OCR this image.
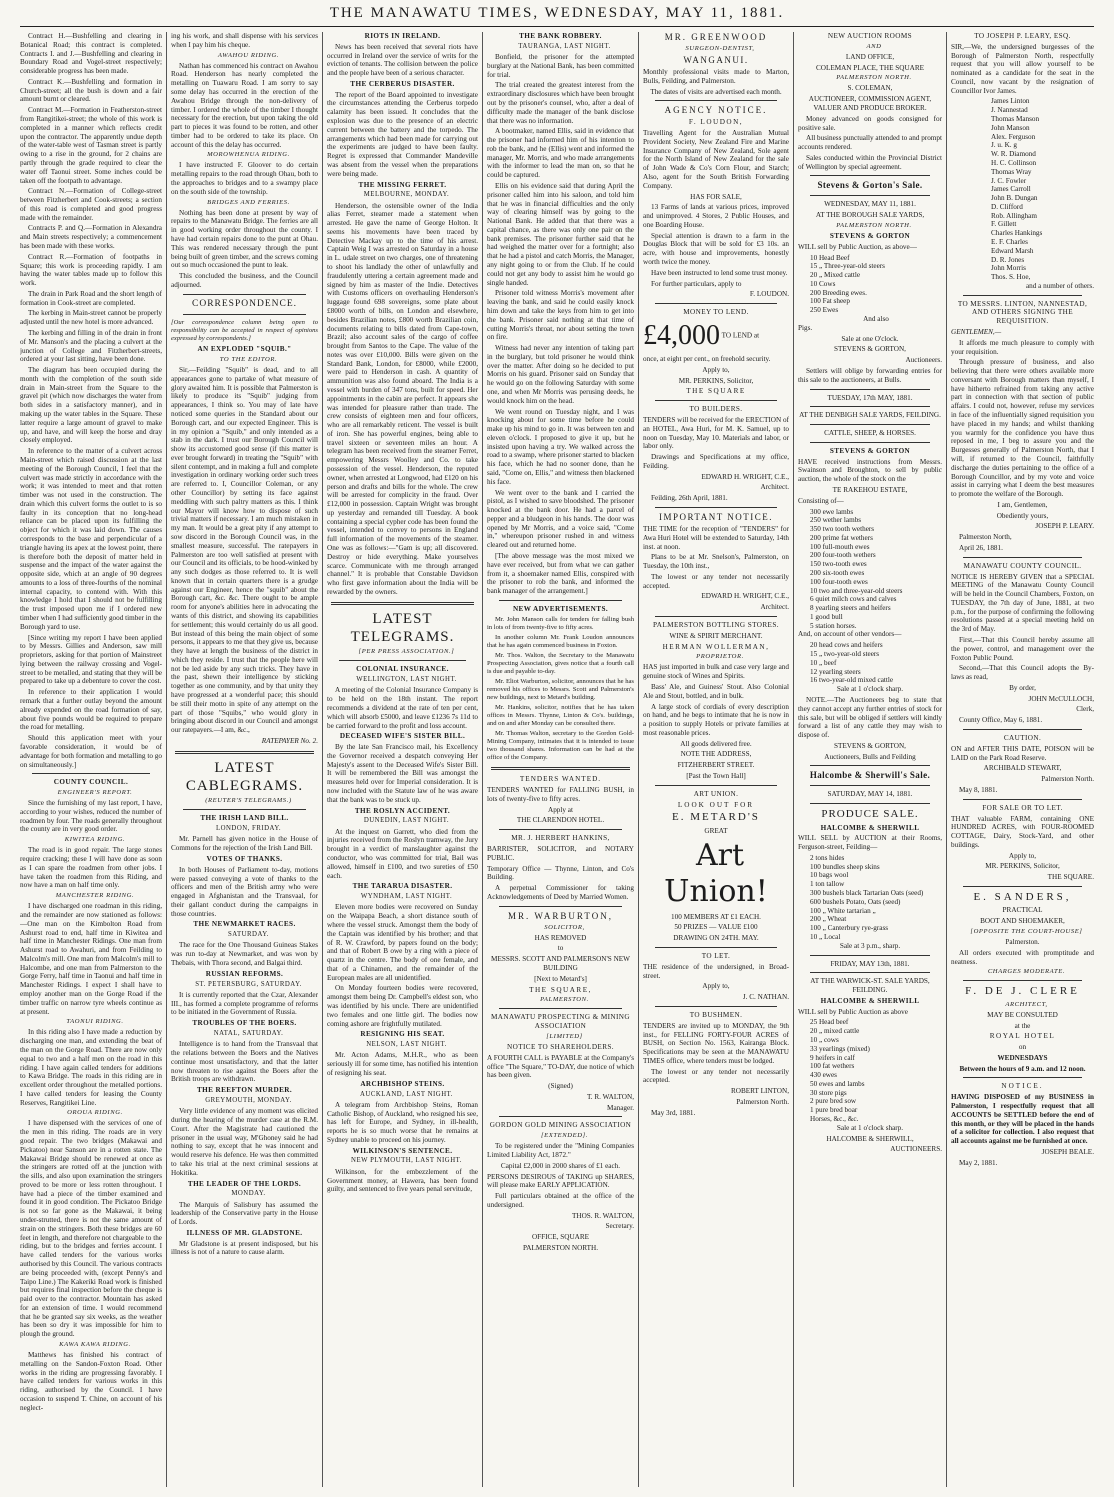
THE MANAWATU TIMES, WEDNESDAY, MAY 11, 1881.

Contract H.—Bushfelling and clearing in Botanical Road; this contract is completed. Contracts I. and J.—Bushfelling and clearing in Boundary Road and Vogel-street respectively; considerable progress has been made.

Contract K.—Bushfelling and formation in Church-street; all the bush is down and a fair amount burnt or cleared.

Contract M.—Formation in Featherston-street from Rangitikei-street; the whole of this work is completed in a manner which reflects credit upon the contractor. The apparently undue depth of the water-table west of Tasman street is partly owing to a rise in the ground, for 2 chains are partly through the grade required to clear the water off Taonui street. Some inches could be taken off the footpath to advantage.

Contract N.—Formation of College-street between Fitzherbert and Cook-streets; a section of this road is completed and good progress made with the remainder.

Contracts P. and Q.—Formation in Alexandra and Main streets respectively; a commencement has been made with these works.

Contract R.—Formation of footpaths in Square; this work is proceeding rapidly. I am having the water tables made up to follow this work.

The drain in Park Road and the short length of formation in Cook-street are completed.

The kerbing in Main-street cannot be properly adjusted until the new hotel is more advanced.

The kerbing and filling in of the drain in front of Mr. Manson's and the placing a culvert at the junction of College and Fitzherbert-streets, ordered at your last sitting, have been done.

The diagram has been occupied during the month with the completion of the south side drain in Main-street from the Square to the gravel pit (which now discharges the water from both sides in a satisfactory manner), and in making up the water tables in the Square. These latter require a large amount of gravel to make up, and have, and will keep the horse and dray closely employed.

In reference to the matter of a culvert across Main-street which raised discussion at the last meeting of the Borough Council, I feel that the culvert was made strictly in accordance with the work; it was intended to meet and that rotten timber was not used in the construction. The drain which this culvert forms the outlet to is so faulty in its conception that no long-head reliance can be placed upon its fulfilling the object for which it was laid down. The causes corresponds to the base and perpendicular of a triangle having its apex at the lowest point, there is therefore both the deposit of matter held in suspense and the impact of the water against the opposite side, which at an angle of 90 degrees amounts to a loss of three-fourths of the nominal internal capacity, to contend with. With this knowledge I hold that I should not be fulfilling the trust imposed upon me if I ordered new timber when I had sufficiently good timber in the Borough yard to use.

[Since writing my report I have been applied to by Messrs. Gillies and Anderson, saw mill proprietors, asking for that portion of Mainstreet lying between the railway crossing and Vogel-street to be metalled, and stating that they will be prepared to take up a debenture to cover the cost.

In reference to their application I would remark that a further outlay beyond the amount already expended on the road formation of say, about five pounds would be required to prepare the road for metalling.

Should this application meet with your favorable consideration, it would be of advantage for both formation and metalling to go on simultaneously.]

COUNTY COUNCIL.

ENGINEER'S REPORT.

Since the furnishing of my last report, I have, according to your wishes, reduced the number of roadmen by four. The roads generally throughout the county are in very good order.

KIWITEA RIDING.

The road is in good repair. The large stones require cracking; these I will have done as soon as I can spare the roadmen from other jobs. I have taken the roadmen from this Riding, and now have a man on half time only.

MANCHESTER RIDING.

I have discharged one roadman in this riding, and the remainder are now stationed as follows:—One man on the Kimbolton Road from Ashurst road to end, half time in Kiwitea and half time in Manchester Ridings. One man from Ashurst road to Awahuri, and from Feilding to Malcolm's mill. One man from Malcolm's mill to Halcombe, and one man from Palmerston to the Gorge Ferry, half time in Taonui and half time in Manchester Ridings. I expect I shall have to employ another man on the Gorge Road if the timber traffic on narrow tyre wheels continue as at present.

TAONUI RIDING.

In this riding also I have made a reduction by discharging one man, and extending the beat of the man on the Gorge Road. There are now only equal to two and a half men on the road in this riding. I have again called tenders for additions to Kawa Bridge. The roads in this riding are in excellent order throughout the metalled portions. I have called tenders for leasing the County Reserves, Rangitikei Line.

OROUA RIDING.

I have dispensed with the services of one of the men in this riding. The roads are in very good repair. The two bridges (Makawai and Pickatoo) near Sanson are in a rotten state. The Makawai Bridge should be renewed at once as the stringers are rotted off at the junction with the sills, and also upon examination the stringers proved to be more or less rotten throughout. I have had a piece of the timber examined and found it in good condition. The Pickatoo Bridge is not so far gone as the Makawai, it being under-strutted, there is not the same amount of strain on the stringers. Both these bridges are 60 feet in length, and therefore not chargeable to the riding, but to the bridges and ferries account. I have called tenders for the various works authorised by this Council. The various contracts are being proceeded with, (except Penny's and Taipo Line.) The Kakeriki Road work is finished but requires final inspection before the cheque is paid over to the contractor. Mountain has asked for an extension of time. I would recommend that he be granted say six weeks, as the weather has been so dry it was impossible for him to plough the ground.

KAWA KAWA RIDING.

Matthews has finished his contract of metalling on the Sandon-Foxton Road. Other works in the riding are progressing favorably. I have called tenders for various works in this riding, authorised by the Council. I have occasion to suspend T. Chine, on account of his neglect-

ing his work, and shall dispense with his services when I pay him his cheque.

AWAHOU RIDING.

Nathan has commenced his contract on Awahou Road. Henderson has nearly completed the metalling on Tuawaru Road. I am sorry to say some delay has occurred in the erection of the Awahou Bridge through the non-delivery of timber. I ordered the whole of the timber I thought necessary for the erection, but upon taking the old part to pieces it was found to be rotten, and other timber had to be ordered to take its place. On account of this the delay has occurred.

MOROWHENUA RIDING.

I have instructed F. Gloover to do certain metalling repairs to the road through Ohau, both to the approaches to bridges and to a swampy place on the south side of the township.

BRIDGES AND FERRIES.

Nothing has been done at present by way of repairs to the Manawatu Bridge. The ferries are all in good working order throughout the county. I have had certain repairs done to the punt at Ohau. This was rendered necessary through the punt being built of green timber, and the screws coming out so much occasioned the punt to leak.

This concluded the business, and the Council adjourned.

CORRESPONDENCE.

[Our correspondence column being open to responsibility can be accepted in respect of opinions expressed by correspondents.]

AN EXPLODED "SQUIB."

TO THE EDITOR.

Sir,—Feilding "Squib" is dead, and to all appearances gone to partake of what measure of glory awaited him. It is possible that Palmerston is likely to produce its "Squib" judging from appearances, I think so. You may of late have noticed some queries in the Standard about our Borough cart, and our expected Engineer. This is in my opinion a "Squib," and only intended as a stab in the dark. I trust our Borough Council will show its accustomed good sense (if this matter is ever brought forward) in treating the "Squib" with silent contempt, and in making a full and complete investigation in ordinary working order such trees are referred to. I, Councillor Coleman, or any other Councillor) by setting its face against meddling with such paltry matters as this. I think our Mayor will know how to dispose of such trivial matters if necessary. I am much mistaken in my man. It would be a great pity if any attempt to sow discord in the Borough Council was, in the smallest measure, successful. The ratepayers in Palmerston are too well satisfied at present with our Council and its officials, to be hood-winked by any such dodges as those referred to. It is well known that in certain quarters there is a grudge against our Engineer, hence the "squib" about the Borough cart, &c. &c. There ought to be ample room for anyone's abilities here in advocating the wants of this district, and showing its capabilities for settlement; this would certainly do us all good. But instead of this being the main object of some persons, it appears to me that they give us, because they have at length the business of the district in which they reside. I trust that the people here will not be led aside by any such tricks. They have in the past, shewn their intelligence by sticking together as one community, and by that unity they have progressed at a wonderful pace; this should be still their motto in spite of any attempt on the part of those "Squibs," who would glory in bringing about discord in our Council and amongst our ratepayers.—I am, &c.,

RATEPAYER No. 2.

LATEST CABLEGRAMS.

(REUTER'S TELEGRAMS.)

THE IRISH LAND BILL.

LONDON, FRIDAY.

Mr. Parnell has given notice in the House of Commons for the rejection of the Irish Land Bill.

VOTES OF THANKS.

In both Houses of Parliament to-day, motions were passed conveying a vote of thanks to the officers and men of the British army who were engaged in Afghanistan and the Transvaal, for their gallant conduct during the campaigns in those countries.

THE NEWMARKET RACES.

SATURDAY.

The race for the One Thousand Guineas Stakes was run to-day at Newmarket, and was won by Thebais, with Thora second, and Balgai third.

RUSSIAN REFORMS.

ST. PETERSBURG, SATURDAY.

It is currently reported that the Czar, Alexander III., has formed a complete programme of reforms to be initiated in the Government of Russia.

TROUBLES OF THE BOERS.

NATAL, SATURDAY.

Intelligence is to hand from the Transvaal that the relations between the Boers and the Natives continue most unsatisfactory, and that the latter now threaten to rise against the Boers after the British troops are withdrawn.

THE REEFTON MURDER.

GREYMOUTH, MONDAY.

Very little evidence of any moment was elicited during the hearing of the murder case at the R.M. Court. After the Magistrate had cautioned the prisoner in the usual way, M'Ghoney said he had nothing to say, except that he was innocent and would reserve his defence. He was then committed to take his trial at the next criminal sessions at Hokitika.

THE LEADER OF THE LORDS.

MONDAY.

The Marquis of Salisbury has assumed the leadership of the Conservative party in the House of Lords.

ILLNESS OF MR. GLADSTONE.

Mr Gladstone is at present indisposed, but his illness is not of a nature to cause alarm.

RIOTS IN IRELAND.

News has been received that several riots have occurred in Ireland over the service of writs for the eviction of tenants. The collision between the police and the people have been of a serious character.

THE CERBERUS DISASTER.

The report of the Board appointed to investigate the circumstances attending the Cerberus torpedo calamity has been issued. It concludes that the explosion was due to the presence of an electric current between the battery and the torpedo. The arrangements which had been made for carrying out the experiments are judged to have been faulty. Regret is expressed that Commander Mandeville was absent from the vessel when the preparations were being made.

THE MISSING FERRET.

MELBOURNE, MONDAY.

Henderson, the ostensible owner of the India alias Ferret, steamer made a statement when arrested. He gave the name of George Holton. It seems his movements have been traced by Detective Mackay up to the time of his arrest. Captain Weig I was arrested on Saturday in a house in L. udale street on two charges, one of threatening to shoot his landlady the other of unlawfully and fraudulently uttering a certain agreement made and signed by him as master of the Indie. Detectives with Customs officers on overhauling Henderson's luggage found 698 sovereigns, some plate about £8000 worth of bills, on London and elsewhere, besides Brazilian notes, £800 worth Brazilian coin, documents relating to bills dated from Cape-town, Brazil; also account sales of the cargo of coffee brought from Santos to the Cape. The value of the notes was over £10,000. Bills were given on the Standard Bank, London, for £8000, while £2000, were paid to Henderson in cash. A quantity of ammunition was also found aboard. The India is a vessel with burden of 347 tons, built for speed. Her appointments in the cabin are perfect. It appears she was intended for pleasure rather than trade. The crew consists of eighteen men and four officers, who are all remarkably reticent. The vessel is built of iron. She has powerful engines, being able to travel sixteen or seventeen miles an hour. A telegram has been received from the steamer Ferret, empowering Messrs Woolley and Co. to take possession of the vessel. Henderson, the reputed owner, when arrested at Longwood, had £120 on his person and drafts and bills for the whole. The crew will be arrested for complicity in the fraud. Over £12,000 in possession. Captain Wright was brought up yesterday and remanded till Tuesday. A book containing a special cypher code has been found the vessel, intended to convey to persons in England full information of the movements of the steamer. One was as follows:—"Gam is up; all discovered. Destroy or hide everything. Make yourselves scarce. Communicate with me through arranged channel." It is probable that Constable Davidson who first gave information about the India will be rewarded by the owners.

LATEST TELEGRAMS.

[PER PRESS ASSOCIATION.]

COLONIAL INSURANCE.

WELLINGTON, LAST NIGHT.

A meeting of the Colonial Insurance Company is to be held on the 18th instant. The report recommends a dividend at the rate of ten per cent, which will absorb £5000, and leave £1236 7s 11d to be carried forward to the profit and loss account.

DECEASED WIFE'S SISTER BILL.

By the late San Francisco mail, his Excellency the Governor received a despatch conveying Her Majesty's assent to the Deceased Wife's Sister Bill. It will be remembered the Bill was amongst the measures held over for Imperial consideration. It is now included with the Statute law of he was aware that the bank was to be stuck up.

THE ROSLYN ACCIDENT.

DUNEDIN, LAST NIGHT.

At the inquest on Garrett, who died from the injuries received from the Roslyn tramway, the Jury brought in a verdict of manslaughter against the conductor, who was committed for trial, Bail was allowed, himself in £100, and two sureties of £50 each.

THE TARARUA DISASTER.

WYNDHAM, LAST NIGHT.

Eleven more bodies were recovered on Sunday on the Waipapa Beach, a short distance south of where the vessel struck. Amongst them the body of the Captain was identified by his brother; and that of R. W. Crawford, by papers found on the body; and that of Robert B owe by a ring with a piece of quartz in the centre. The body of one female, and that of a Chinamen, and the remainder of the European males are all unidentified.

On Monday fourteen bodies were recovered, amongst them being Dr. Campbell's eldest son, who was identified by his uncle. There are unidentified two females and one little girl. The bodies now coming ashore are frightfully mutilated.

RESIGNING HIS SEAT.

NELSON, LAST NIGHT.

Mr. Acton Adams, M.H.R., who as been seriously ill for some time, has notified his intention of resigning his seat.

ARCHBISHOP STEINS.

AUCKLAND, LAST NIGHT.

A telegram from Archbishop Steins, Roman Catholic Bishop, of Auckland, who resigned his see, has left for Europe, and Sydney, in ill-health, reports he is so much worse that he remains at Sydney unable to proceed on his journey.

WILKINSON'S SENTENCE.

NEW PLYMOUTH, LAST NIGHT.

Wilkinson, for the embezzlement of the Government money, at Hawera, has been found guilty, and sentenced to five years penal servitude,

THE BANK ROBBERY.

TAURANGA, LAST NIGHT.

Bonfield, the prisoner for the attempted burglary at the National Bank, has been committed for trial.

The trial created the greatest interest from the extraordinary disclosures which have been brought out by the prisoner's counsel, who, after a deal of difficulty made the manager of the bank disclose that there was no information.

A bootmaker, named Ellis, said in evidence that the prisoner had informed him of his intention to rob the bank, and he (Ellis) went and informed the manager, Mr. Morris, and who made arrangements with the informer to lead the man on, so that he could be captured.

Ellis on his evidence said that during April the prisoner called him into his saloon, and told him that he was in financial difficulties and the only way of clearing himself was by going to the National Bank. He added that that there was a capital chance, as there was only one pair on the bank premises. The prisoner further said that he had weighed the matter over for a fortnight; also that he had a pistol and catch Morris, the Manager, any night going to or from the Club. If he could could not get any body to assist him he would go single handed.

Prisoner told witness Morris's movement after leaving the bank, and said he could easily knock him down and take the keys from him to get into the bank. Prisoner said nothing at that time of cutting Morris's throat, nor about setting the town on fire.

Witness had never any intention of taking part in the burglary, but told prisoner he would think over the matter. After doing so he decided to put Morris on his guard. Prisoner said on Sunday that he would go on the following Saturday with some one, and when Mr Morris was perusing deeds, he would knock him on the head.

We went round on Tuesday night, and I was knocking about for some time before he could make up his mind to go in. It was between ten and eleven o'clock. I proposed to give it up, but he insisted upon having a try. We walked across the road to a swamp, where prisoner started to blacken his face, which he had no sooner done, than he said, "Come on, Ellis," and witness then blackened his face.

We went over to the bank and I carried the pistol, as I wished to save bloodshed. The prisoner knocked at the bank door. He had a parcel of pepper and a bludgeon in his hands. The door was opened by Mr Morris, and a voice said, "Come in," whereupon prisoner rushed in and witness cleared out and returned home.

[The above message was the most mixed we have ever received, but from what we can gather from it, a shoemaker named Ellis, conspired with the prisoner to rob the bank, and informed the bank manager of the arrangement.]

NEW ADVERTISEMENTS.

Mr. John Manson calls for tenders for falling bush in lots of from twenty-five to fifty acres.

In another column Mr. Frank Loudon announces that he has again commenced business in Foxton.

Mr. Thos. Walton, the Secretary to the Manawatu Prospecting Association, gives notice that a fourth call is due and payable to-day.

Mr. Eliot Warburton, solicitor, announces that he has removed his offices to Messrs. Scott and Palmerston's new buildings, next to Metard's building.

Mr. Hankins, solicitor, notifies that he has taken offices in Messrs. Thynne, Linton & Co's. buildings, and on and after Monday can be consulted there.

Mr. Thomas Walton, secretary to the Gordon Gold-Mining Company, intimates that it is intended to issue two thousand shares. Information can be had at the office of the Company.

TENDERS WANTED.

TENDERS WANTED for FALLING BUSH, in lots of twenty-five to fifty acres.

Apply at

THE CLARENDON HOTEL.

MR. J. HERBERT HANKINS,

BARRISTER, SOLICITOR, and NOTARY PUBLIC.

Temporary Office — Thynne, Linton, and Co's Building.

A perpetual Commissioner for taking Acknowledgements of Deed by Married Women.

MR. WARBURTON,

SOLICITOR,

HAS REMOVED

to

MESSRS. SCOTT AND PALMERSON'S NEW BUILDING

[Next to Metard's]

THE SQUARE,

PALMERSTON.

MANAWATU PROSPECTING & MINING ASSOCIATION

[LIMITED]

NOTICE TO SHAREHOLDERS.

A FOURTH CALL is PAYABLE at the Company's office "The Square," TO-DAY, due notice of which has been given.

(Signed)

T. R. WALTON,

Manager.

GORDON GOLD MINING ASSOCIATION

[EXTENDED].

To be registered under the "Mining Companies Limited Liability Act, 1872."

Capital £2,000 in 2000 shares of £1 each.

PERSONS DESIROUS of TAKING up SHARES, will please make EARLY APPLICATION.

Full particulars obtained at the office of the undersigned.

THOS. R. WALTON,

Secretary.

OFFICE, SQUARE

PALMERSTON NORTH.

MR. GREENWOOD

SURGEON-DENTIST,

WANGANUI.

Monthly professional visits made to Marton, Bulls, Feilding, and Palmerston.

The dates of visits are advertised each month.

AGENCY NOTICE.

F. LOUDON,

Travelling Agent for the Australian Mutual Provident Society, New Zealand Fire and Marine Insurance Company of New Zealand, Sole agent for the North Island of New Zealand for the sale of John Wade & Co's Corn Flour, and Starch; Also, agent for the South British Forwarding Company.

HAS FOR SALE,

13 Farms of lands at various prices, improved and unimproved. 4 Stores, 2 Public Houses, and one Boarding House.

Special attention is drawn to a farm in the Douglas Block that will be sold for £3 10s. an acre, with house and improvements, honestly worth twice the money.

Have been instructed to lend some trust money.

For further particulars, apply to

F. LOUDON.

MONEY TO LEND.

£4,000 TO LEND at

once, at eight per cent., on freehold security.

Apply to,

MR. PERKINS, Solicitor,

THE SQUARE

TO BUILDERS.

TENDERS will be received for the ERECTION of an HOTEL, Awa Huri, for M. K. Samuel, up to noon on Tuesday, May 10. Materials and labor, or labor only.

Drawings and Specifications at my office, Feilding.

EDWARD H. WRIGHT, C.E.,

Architect.

Feilding, 26th April, 1881.

IMPORTANT NOTICE.

THE TIME for the reception of "TENDERS" for Awa Huri Hotel will be extended to Saturday, 14th inst. at noon.

Plans to be at Mr. Snelson's, Palmerston, on Tuesday, the 10th inst.,

The lowest or any tender not necessarily accepted.

EDWARD H. WRIGHT, C.E.,

Architect.

PALMERSTON BOTTLING STORES.

WINE & SPIRIT MERCHANT.

HERMAN WOLLERMAN,

PROPRIETOR.

HAS just imported in bulk and case very large and genuine stock of Wines and Spirits.

Bass' Ale, and Guiness' Stout. Also Colonial Ale and Stout, bottled, and in bulk.

A large stock of cordials of every description on hand, and he begs to intimate that he is now in a position to supply Hotels or private families at most reasonable prices.

All goods delivered free.

NOTE THE ADDRESS,

FITZHERBERT STREET.

[Past the Town Hall]

ART UNION.

LOOK OUT FOR

E. METARD'S

GREAT

Art Union!

100 MEMBERS AT £1 EACH.

50 PRIZES — VALUE £100

DRAWING ON 24TH. MAY.

TO LET.

THE residence of the undersigned, in Broad-street.

Apply to,

J. C. NATHAN.

TO BUSHMEN.

TENDERS are invited up to MONDAY, the 9th inst., for FELLING FORTY-FOUR ACRES of BUSH, on Section No. 1563, Kairanga Block. Specifications may be seen at the MANAWATU TIMES office, where tenders must be lodged.

The lowest or any tender not necessarily accepted.

ROBERT LINTON,

Palmerston North.

May 3rd, 1881.

NEW AUCTION ROOMS

AND

LAND OFFICE,

COLEMAN PLACE, THE SQUARE

PALMERSTON NORTH.

S. COLEMAN,

AUCTIONEER, COMMISSION AGENT, VALUER AND PRODUCE BROKER.

Money advanced on goods consigned for positive sale.

All business punctually attended to and prompt accounts rendered.

Sales conducted within the Provincial District of Wellington by special agreement.

Stevens & Gorton's Sale.

WEDNESDAY, MAY 11, 1881.

AT THE BOROUGH SALE YARDS,

PALMERSTON NORTH.

STEVENS & GORTON

WILL sell by Public Auction, as above—

10 Head Beef
15 „ Three-year-old steers
20 „ Mixed cattle
10 Cows
200 Breeding ewes.
100 Fat sheep
250 Ewes
And also

Pigs.

Sale at one O'clock.

STEVENS & GORTON,

Auctioneers.

Settlers will oblige by forwarding entries for this sale to the auctioneers, at Bulls.

TUESDAY, 17th MAY, 1881.

AT THE DENBIGH SALE YARDS, FEILDING.

CATTLE, SHEEP, & HORSES.

STEVENS & GORTON

HAVE received instructions from Messrs. Swainson and Broughton, to sell by public auction, the whole of the stock on the

TE RAKEHOU ESTATE,

Consisting of—

300 ewe lambs
250 wether lambs
350 two tooth wethers
200 prime fat wethers
100 full-mouth ewes
200 four-tooth wethers
150 two-tooth ewes
200 six-tooth ewes
100 four-tooth ewes
10 two and three-year-old steers
6 quiet milch cows and calves
8 yearling steers and heifers
1 good bull
5 station horses.

And, on account of other vendors—

20 head cows and heifers
15 „ two-year-old steers
10 „ beef
12 yearling steers
16 two-year-old mixed cattle

Sale at 1 o'clock sharp.

NOTE.—The Auctioneers beg to state that they cannot accept any further entries of stock for this sale, but will be obliged if settlers will kindly forward a list of any cattle they may wish to dispose of.

STEVENS & GORTON,

Auctioneers, Bulls and Feilding

Halcombe & Sherwill's Sale.

SATURDAY, MAY 14, 1881.

PRODUCE SALE.

HALCOMBE & SHERWILL

WILL SELL by AUCTION at their Rooms, Ferguson-street, Feilding—

2 tons hides
100 bundles sheep skins
10 bags wool
1 ton tallow
300 bushels black Tartarian Oats (seed)
600 bushels Potato, Oats (seed)
100 „ White tartarian „
200 „ Wheat
100 „ Canterbury rye-grass
10 „ Local

Sale at 3 p.m., sharp.

FRIDAY, MAY 13th, 1881.

AT THE WARWICK-ST. SALE YARDS, FEILDING.

HALCOMBE & SHERWILL

WILL sell by Public Auction as above

25 Head beef
20 „ mixed cattle
10 „ cows
33 yearlings (mixed)
9 heifers in calf
100 fat wethers
430 ewes
50 ewes and lambs
30 store pigs
2 pure bred sow
1 pure bred boar
Horses, &c., &c.

Sale at 1 o'clock sharp.

HALCOMBE & SHERWILL,

AUCTIONEERS.

TO JOSEPH P. LEARY, ESQ.

SIR,—We, the undersigned burgesses of the Borough of Palmerston North, respectfully request that you will allow yourself to be nominated as a candidate for the seat in the Council, now vacant by the resignation of Councillor Ivor James.

James Linton
J. Nannestad
Thomas Manson
John Manson
Alex. Ferguson
J. u. K. g
W. R. Diamond
H. C. Collinson
Thomas Wray
J. C. Fowler
James Carroll
John B. Dungan
D. Clifford
Rob. Allingham
F. Gillett
Charles Hankings
E. F. Charles
Edward Marsh
D. R. Jones
John Morris
Thos. S. Hoe,

and a number of others.

TO MESSRS. LINTON, NANNESTAD, AND OTHERS SIGNING THE REQUISITION.

GENTLEMEN,—

It affords me much pleasure to comply with your requisition.

Through pressure of business, and also believing that there were others available more conversant with Borough matters than myself, I have hitherto refrained from taking any active part in connection with that section of public affairs. I could not, however, refuse my services in face of the influentially signed requisition you have placed in my hands; and whilst thanking you warmly for the confidence you have thus reposed in me, I beg to assure you and the Burgesses generally of Palmerston North, that I will, if returned to the Council, faithfully discharge the duties pertaining to the office of a Borough Councillor, and by my vote and voice assist in carrying what I deem the best measures to promote the welfare of the Borough.

I am, Gentlemen,

Obediently yours,

JOSEPH P. LEARY.

Palmerston North,

April 26, 1881.

MANAWATU COUNTY COUNCIL.

NOTICE IS HEREBY GIVEN that a SPECIAL MEETING of the Manawatu County Council will be held in the Council Chambers, Foxton, on TUESDAY, the 7th day of June, 1881, at two p.m., for the purpose of confirming the following resolutions passed at a special meeting held on the 3rd of May.

First,—That this Council hereby assume all the power, control, and management over the Foxton Public Pound.

Second,—That this Council adopts the By-laws as read,

By order,

JOHN McCULLOCH,

Clerk,

County Office, May 6, 1881.

CAUTION.

ON and AFTER THIS DATE, POISON will be LAID on the Park Road Reserve.

ARCHIBALD STEWART,

Palmerston North.

May 8, 1881.

FOR SALE OR TO LET.

THAT valuable FARM, containing ONE HUNDRED ACRES, with FOUR-ROOMED COTTAGE, Dairy, Stock-Yard, and other buildings.

Apply to,

MR. PERKINS, Solicitor,

THE SQUARE.

E. SANDERS,

PRACTICAL

BOOT AND SHOEMAKER,

[OPPOSITE THE COURT-HOUSE]

Palmerston.

All orders executed with promptitude and neatness.

CHARGES MODERATE.

F. DE J. CLERE

ARCHITECT,

MAY BE CONSULTED

at the

ROYAL HOTEL

on

WEDNESDAYS

Between the hours of 9 a.m. and 12 noon.

NOTICE.

HAVING DISPOSED of my BUSINESS in Palmerston, I respectfully request that all ACCOUNTS be SETTLED before the end of this month, or they will be placed in the hands of a solicitor for collection. I also request that all accounts against me be furnished at once.

JOSEPH BEALE.

May 2, 1881.
